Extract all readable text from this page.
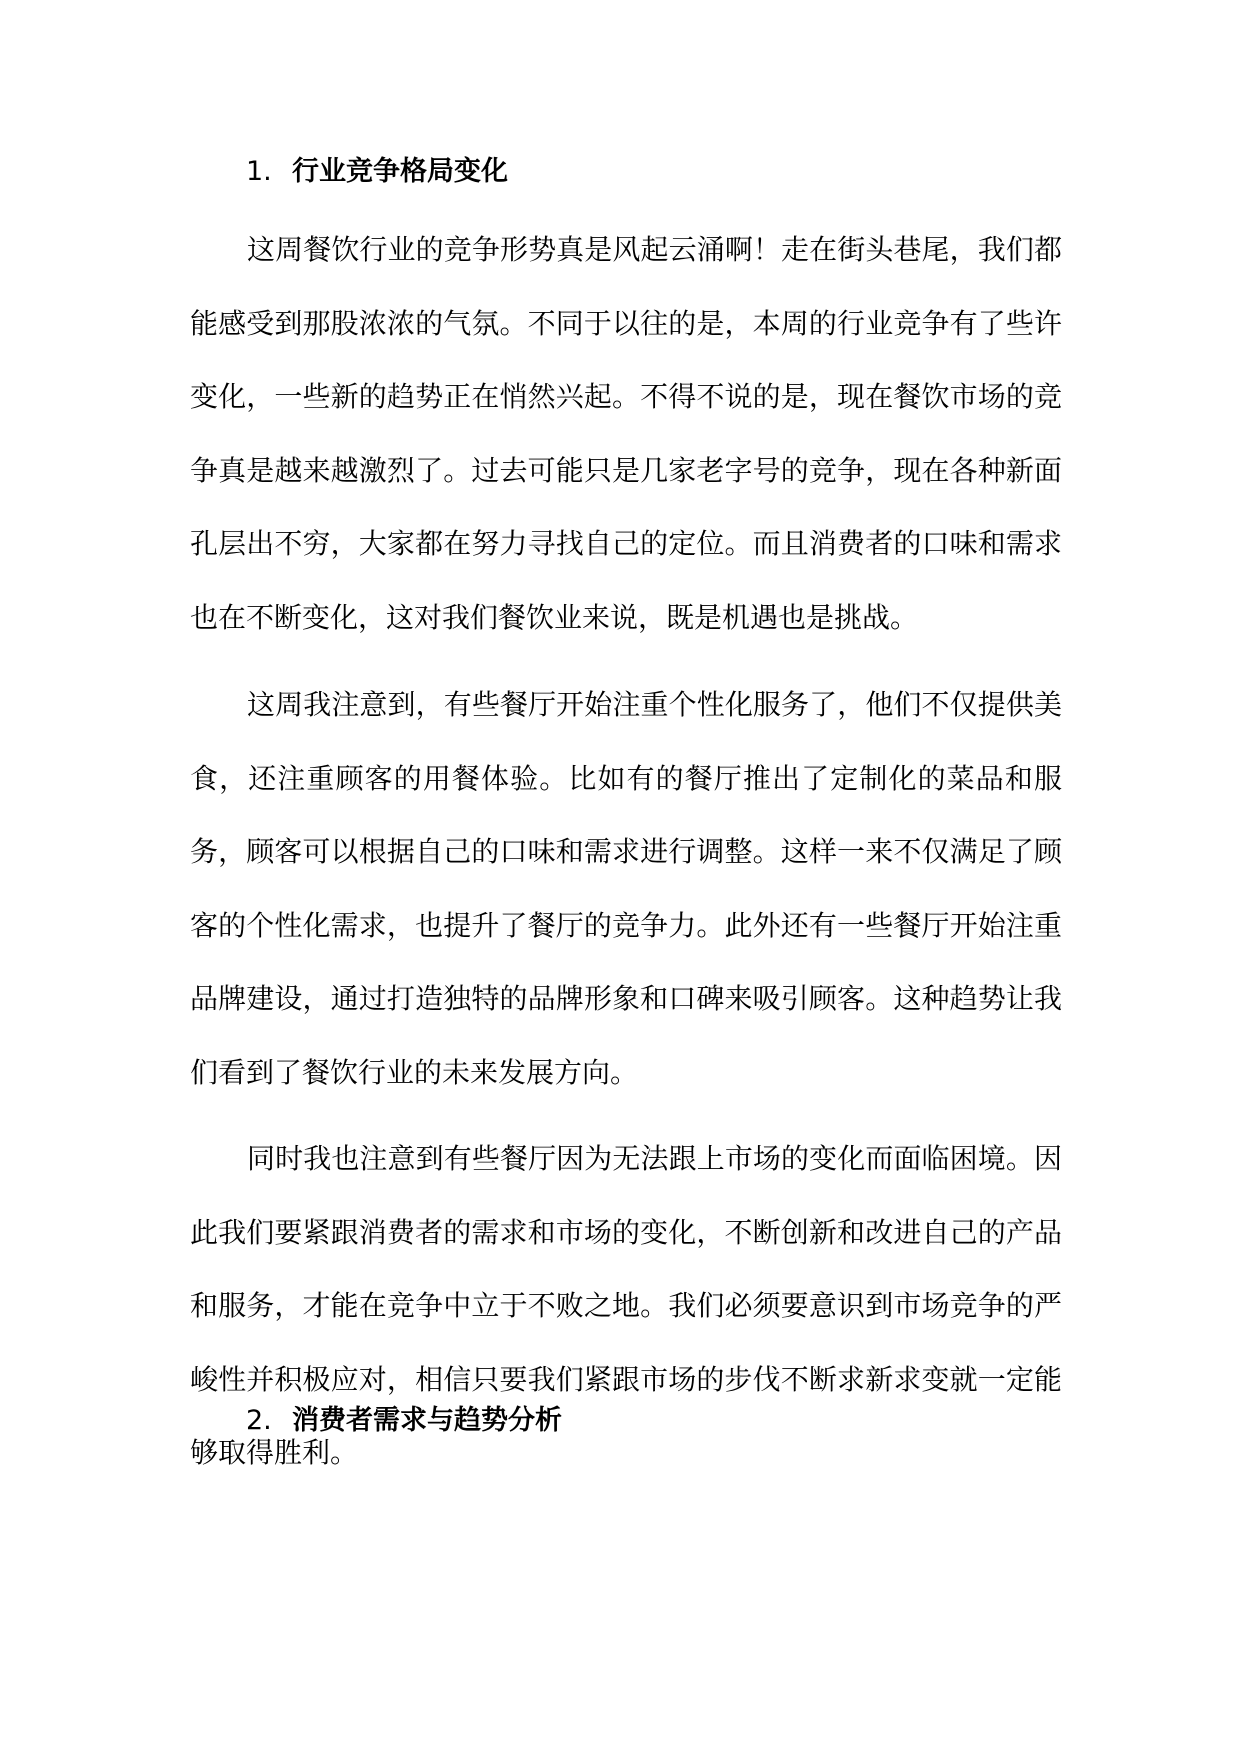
1. 行业竞争格局变化

这周餐饮行业的竞争形势真是风起云涌啊！走在街头巷尾，我们都能感受到那股浓浓的气氛。不同于以往的是，本周的行业竞争有了些许变化，一些新的趋势正在悄然兴起。不得不说的是，现在餐饮市场的竞争真是越来越激烈了。过去可能只是几家老字号的竞争，现在各种新面孔层出不穷，大家都在努力寻找自己的定位。而且消费者的口味和需求也在不断变化，这对我们餐饮业来说，既是机遇也是挑战。

这周我注意到，有些餐厅开始注重个性化服务了，他们不仅提供美食，还注重顾客的用餐体验。比如有的餐厅推出了定制化的菜品和服务，顾客可以根据自己的口味和需求进行调整。这样一来不仅满足了顾客的个性化需求，也提升了餐厅的竞争力。此外还有一些餐厅开始注重品牌建设，通过打造独特的品牌形象和口碑来吸引顾客。这种趋势让我们看到了餐饮行业的未来发展方向。

同时我也注意到有些餐厅因为无法跟上市场的变化而面临困境。因此我们要紧跟消费者的需求和市场的变化，不断创新和改进自己的产品和服务，才能在竞争中立于不败之地。我们必须要意识到市场竞争的严峻性并积极应对，相信只要我们紧跟市场的步伐不断求新求变就一定能够取得胜利。

2. 消费者需求与趋势分析
